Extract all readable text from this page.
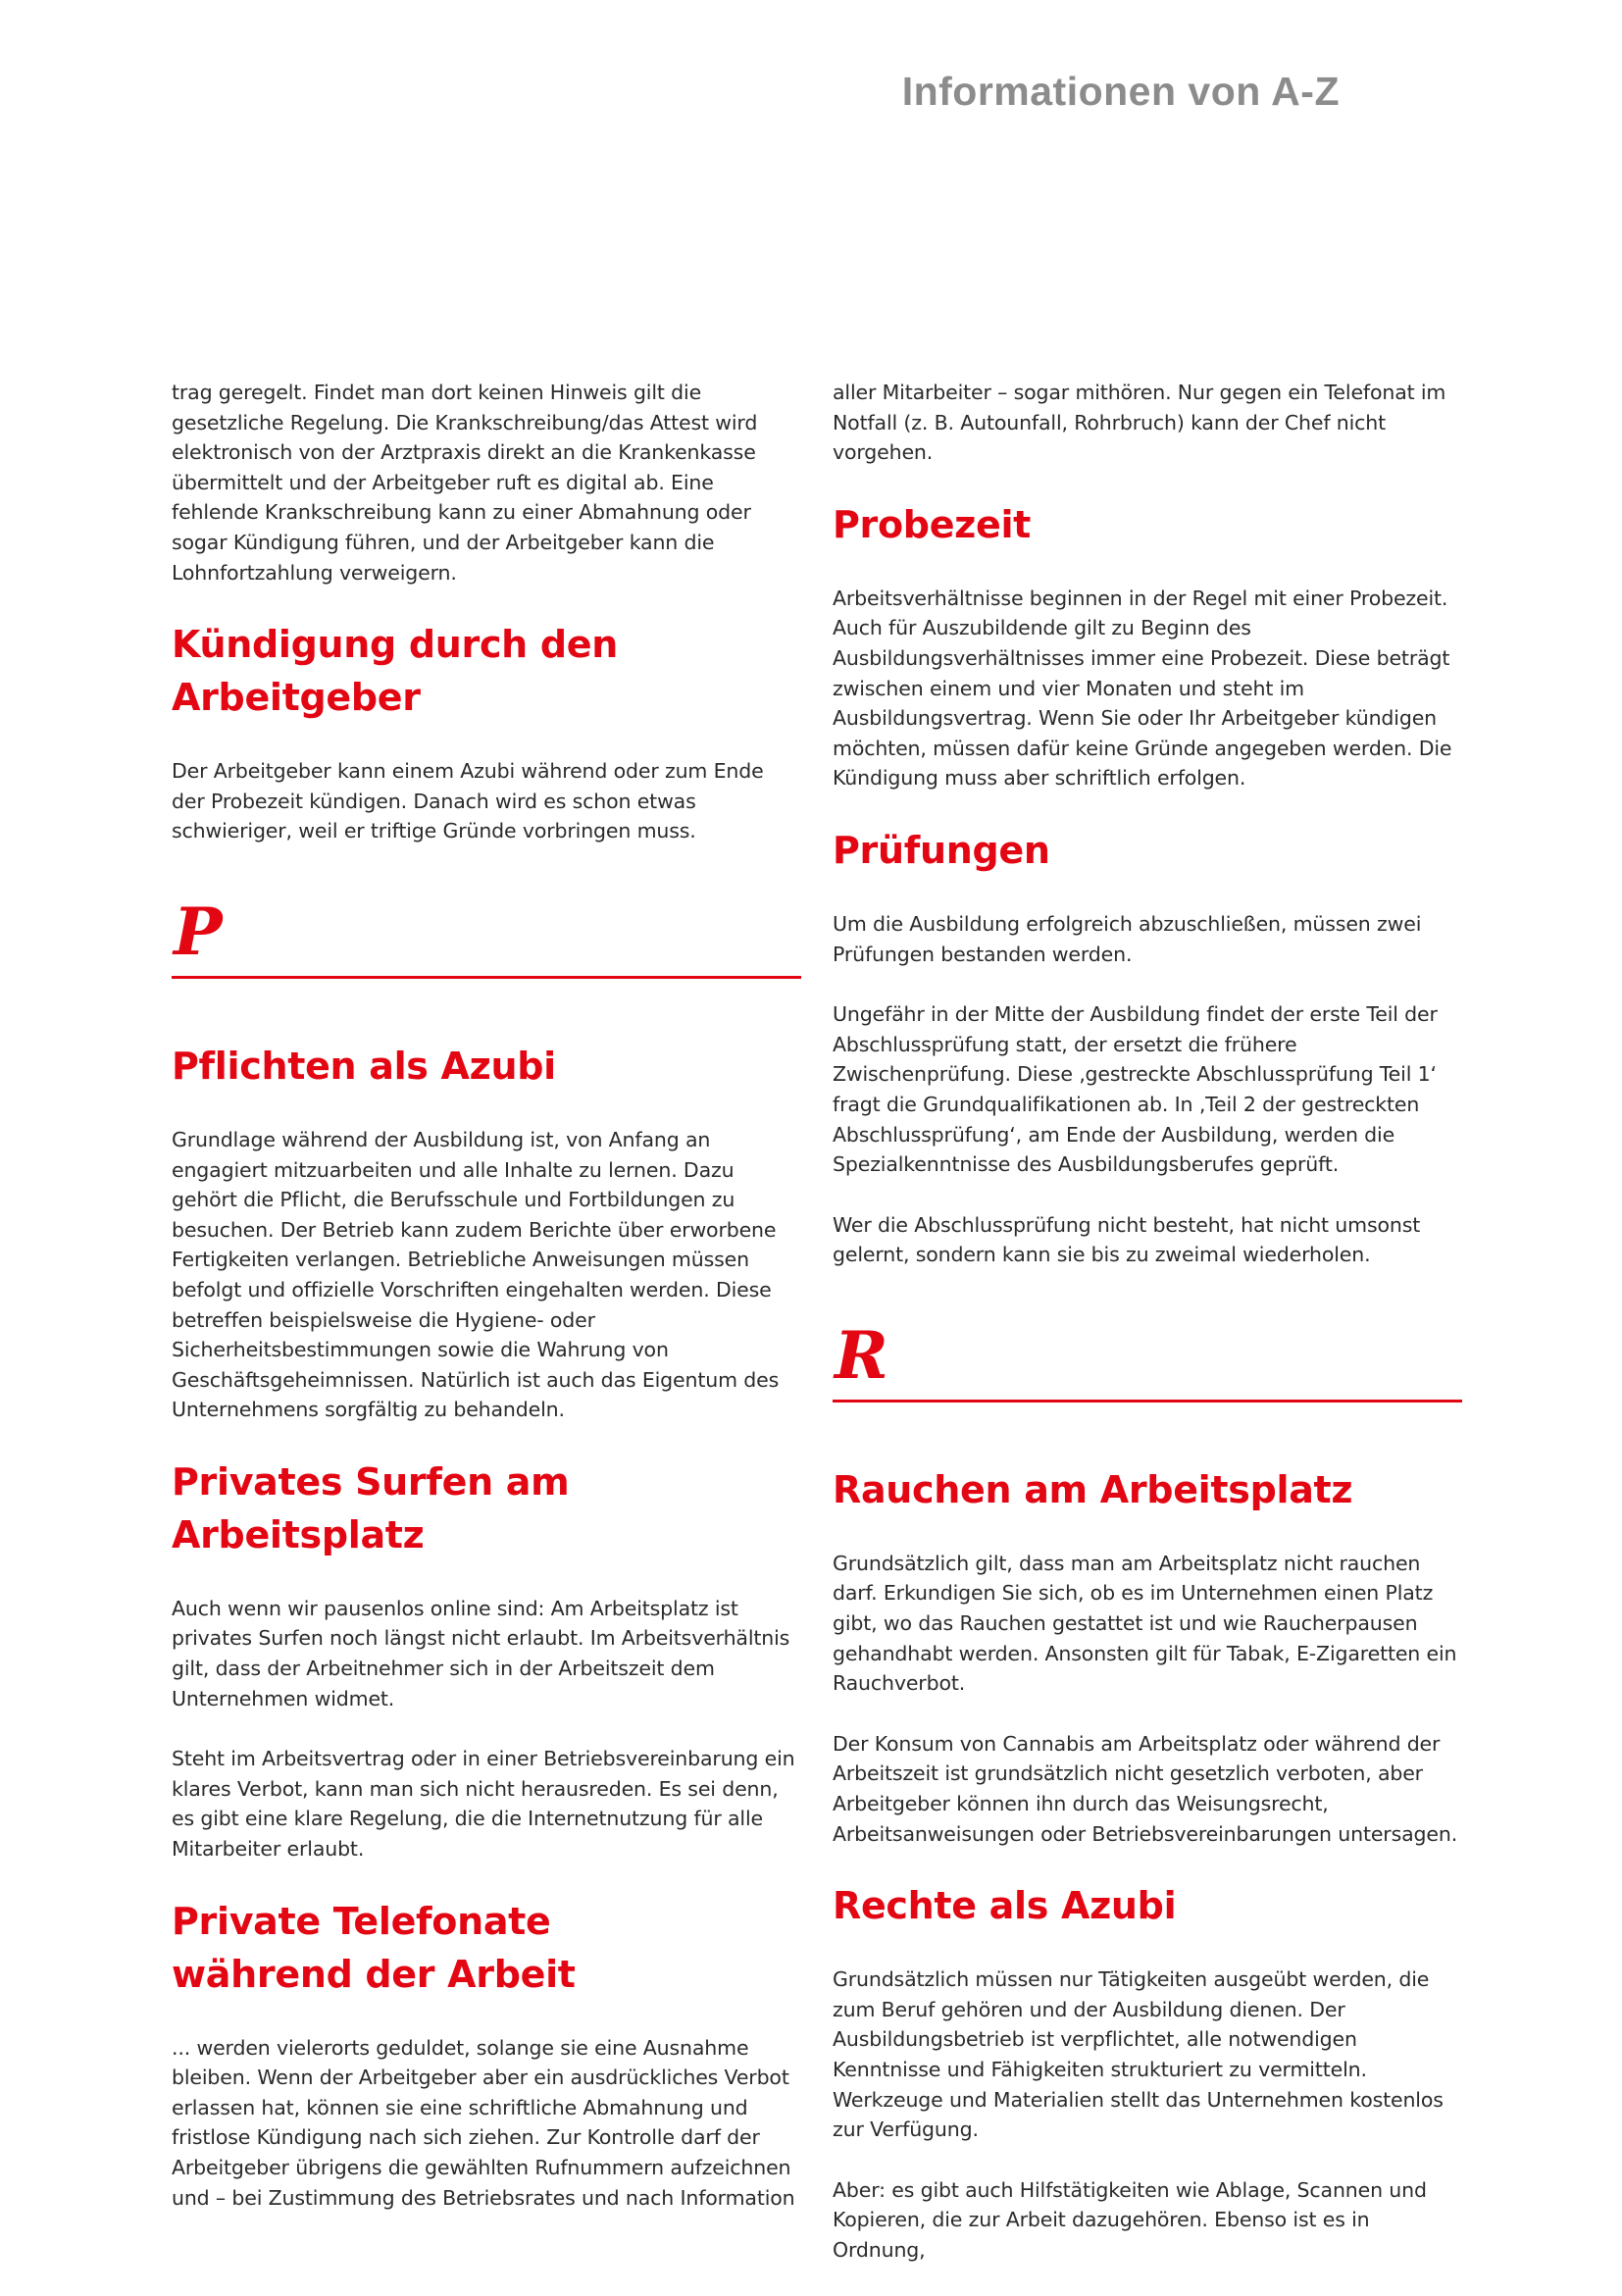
Informationen von A-Z

trag geregelt. Findet man dort keinen Hinweis gilt die gesetzliche Regelung. Die Krankschreibung/das Attest wird elektronisch von der Arztpraxis direkt an die Krankenkasse übermittelt und der Arbeitgeber ruft es digital ab. Eine fehlende Krankschreibung kann zu einer Abmahnung oder sogar Kündigung führen, und der Arbeitgeber kann die Lohnfortzahlung verweigern.

Kündigung durch den
Arbeitgeber

Der Arbeitgeber kann einem Azubi während oder zum Ende der Probezeit kündigen. Danach wird es schon etwas schwieriger, weil er triftige Gründe vorbringen muss.

P
Pflichten als Azubi

Grundlage während der Ausbildung ist, von Anfang an engagiert mitzuarbeiten und alle Inhalte zu lernen. Dazu gehört die Pflicht, die Berufsschule und Fortbildungen zu besuchen. Der Betrieb kann zudem Berichte über erworbene Fertigkeiten verlangen. Betriebliche Anweisungen müssen befolgt und offizielle Vorschriften eingehalten werden. Diese betreffen beispielsweise die Hygiene- oder Sicherheitsbestimmungen sowie die Wahrung von Geschäftsgeheimnissen. Natürlich ist auch das Eigentum des Unternehmens sorgfältig zu behandeln.

Privates Surfen am
Arbeitsplatz

Auch wenn wir pausenlos online sind: Am Arbeitsplatz ist privates Surfen noch längst nicht erlaubt. Im Arbeitsverhältnis gilt, dass der Arbeitnehmer sich in der Arbeitszeit dem Unternehmen widmet.

Steht im Arbeitsvertrag oder in einer Betriebsvereinbarung ein klares Verbot, kann man sich nicht herausreden. Es sei denn, es gibt eine klare Regelung, die die Internetnutzung für alle Mitarbeiter erlaubt.

Private Telefonate
während der Arbeit

... werden vielerorts geduldet, solange sie eine Ausnahme bleiben. Wenn der Arbeitgeber aber ein ausdrückliches Verbot erlassen hat, können sie eine schriftliche Abmahnung und fristlose Kündigung nach sich ziehen. Zur Kontrolle darf der Arbeitgeber übrigens die gewählten Rufnummern aufzeichnen und – bei Zustimmung des Betriebsrates und nach Information

aller Mitarbeiter – sogar mithören. Nur gegen ein Telefonat im Notfall (z. B. Autounfall, Rohrbruch) kann der Chef nicht vorgehen.

Probezeit

Arbeitsverhältnisse beginnen in der Regel mit einer Probezeit. Auch für Auszubildende gilt zu Beginn des Ausbildungsverhältnisses immer eine Probezeit. Diese beträgt zwischen einem und vier Monaten und steht im Ausbildungsvertrag. Wenn Sie oder Ihr Arbeitgeber kündigen möchten, müssen dafür keine Gründe angegeben werden. Die Kündigung muss aber schriftlich erfolgen.

Prüfungen

Um die Ausbildung erfolgreich abzuschließen, müssen zwei Prüfungen bestanden werden.

Ungefähr in der Mitte der Ausbildung findet der erste Teil der Abschlussprüfung statt, der ersetzt die frühere Zwischenprüfung. Diese ‚gestreckte Abschlussprüfung Teil 1‘ fragt die Grundqualifikationen ab. In ‚Teil 2 der gestreckten Abschlussprüfung‘, am Ende der Ausbildung, werden die Spezialkenntnisse des Ausbildungsberufes geprüft.

Wer die Abschlussprüfung nicht besteht, hat nicht umsonst gelernt, sondern kann sie bis zu zweimal wiederholen.

R
Rauchen am Arbeitsplatz

Grundsätzlich gilt, dass man am Arbeitsplatz nicht rauchen darf. Erkundigen Sie sich, ob es im Unternehmen einen Platz gibt, wo das Rauchen gestattet ist und wie Raucherpausen gehandhabt werden. Ansonsten gilt für Tabak, E-Zigaretten ein Rauchverbot.

Der Konsum von Cannabis am Arbeitsplatz oder während der Arbeitszeit ist grundsätzlich nicht gesetzlich verboten, aber Arbeitgeber können ihn durch das Weisungsrecht, Arbeitsanweisungen oder Betriebsvereinbarungen untersagen.

Rechte als Azubi

Grundsätzlich müssen nur Tätigkeiten ausgeübt werden, die zum Beruf gehören und der Ausbildung dienen. Der Ausbildungsbetrieb ist verpflichtet, alle notwendigen Kenntnisse und Fähigkeiten strukturiert zu vermitteln. Werkzeuge und Materialien stellt das Unternehmen kostenlos zur Verfügung.

Aber: es gibt auch Hilfstätigkeiten wie Ablage, Scannen und Kopieren, die zur Arbeit dazugehören. Ebenso ist es in Ordnung,
